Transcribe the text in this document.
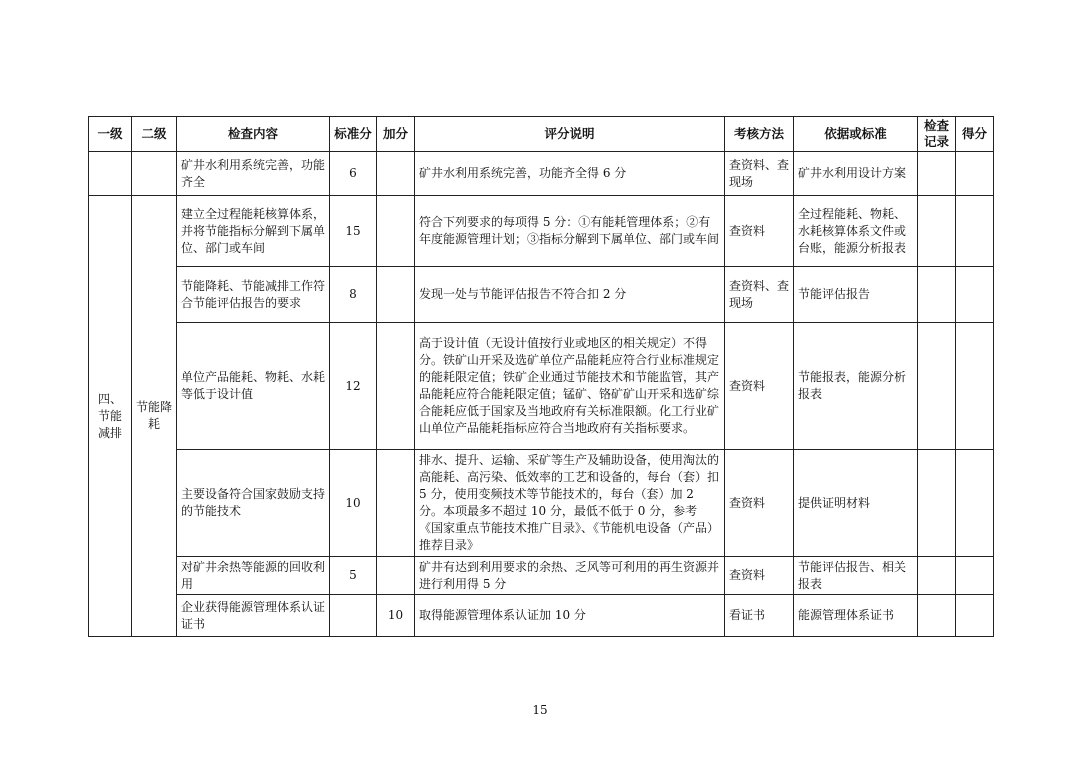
一级	二级	检查内容	标准分	加分	评分说明	考核方法	依据或标准	检查记录	得分
		矿井水利用系统完善，功能齐全	6		矿井水利用系统完善，功能齐全得 6 分	查资料、查现场	矿井水利用设计方案		
四、节能减排	节能降耗	建立全过程能耗核算体系，并将节能指标分解到下属单位、部门或车间	15		符合下列要求的每项得 5 分：①有能耗管理体系；②有年度能源管理计划；③指标分解到下属单位、部门或车间	查资料	全过程能耗、物耗、水耗核算体系文件或台账，能源分析报表		
		节能降耗、节能减排工作符合节能评估报告的要求	8		发现一处与节能评估报告不符合扣 2 分	查资料、查现场	节能评估报告		
		单位产品能耗、物耗、水耗等低于设计值	12		高于设计值（无设计值按行业或地区的相关规定）不得分。铁矿山开采及选矿单位产品能耗应符合行业标准规定的能耗限定值；铁矿企业通过节能技术和节能监管，其产品能耗应符合能耗限定值；锰矿、铬矿矿山开采和选矿综合能耗应低于国家及当地政府有关标准限额。化工行业矿山单位产品能耗指标应符合当地政府有关指标要求。	查资料	节能报表，能源分析报表		
		主要设备符合国家鼓励支持的节能技术	10		排水、提升、运输、采矿等生产及辅助设备，使用淘汰的高能耗、高污染、低效率的工艺和设备的，每台（套）扣 5 分，使用变频技术等节能技术的，每台（套）加 2 分。本项最多不超过 10 分，最低不低于 0 分，参考《国家重点节能技术推广目录》、《节能机电设备（产品）推荐目录》	查资料	提供证明材料		
		对矿井余热等能源的回收利用	5		矿井有达到利用要求的余热、乏风等可利用的再生资源并进行利用得 5 分	查资料	节能评估报告、相关报表		
		企业获得能源管理体系认证证书		10	取得能源管理体系认证加 10 分	看证书	能源管理体系证书		
15
